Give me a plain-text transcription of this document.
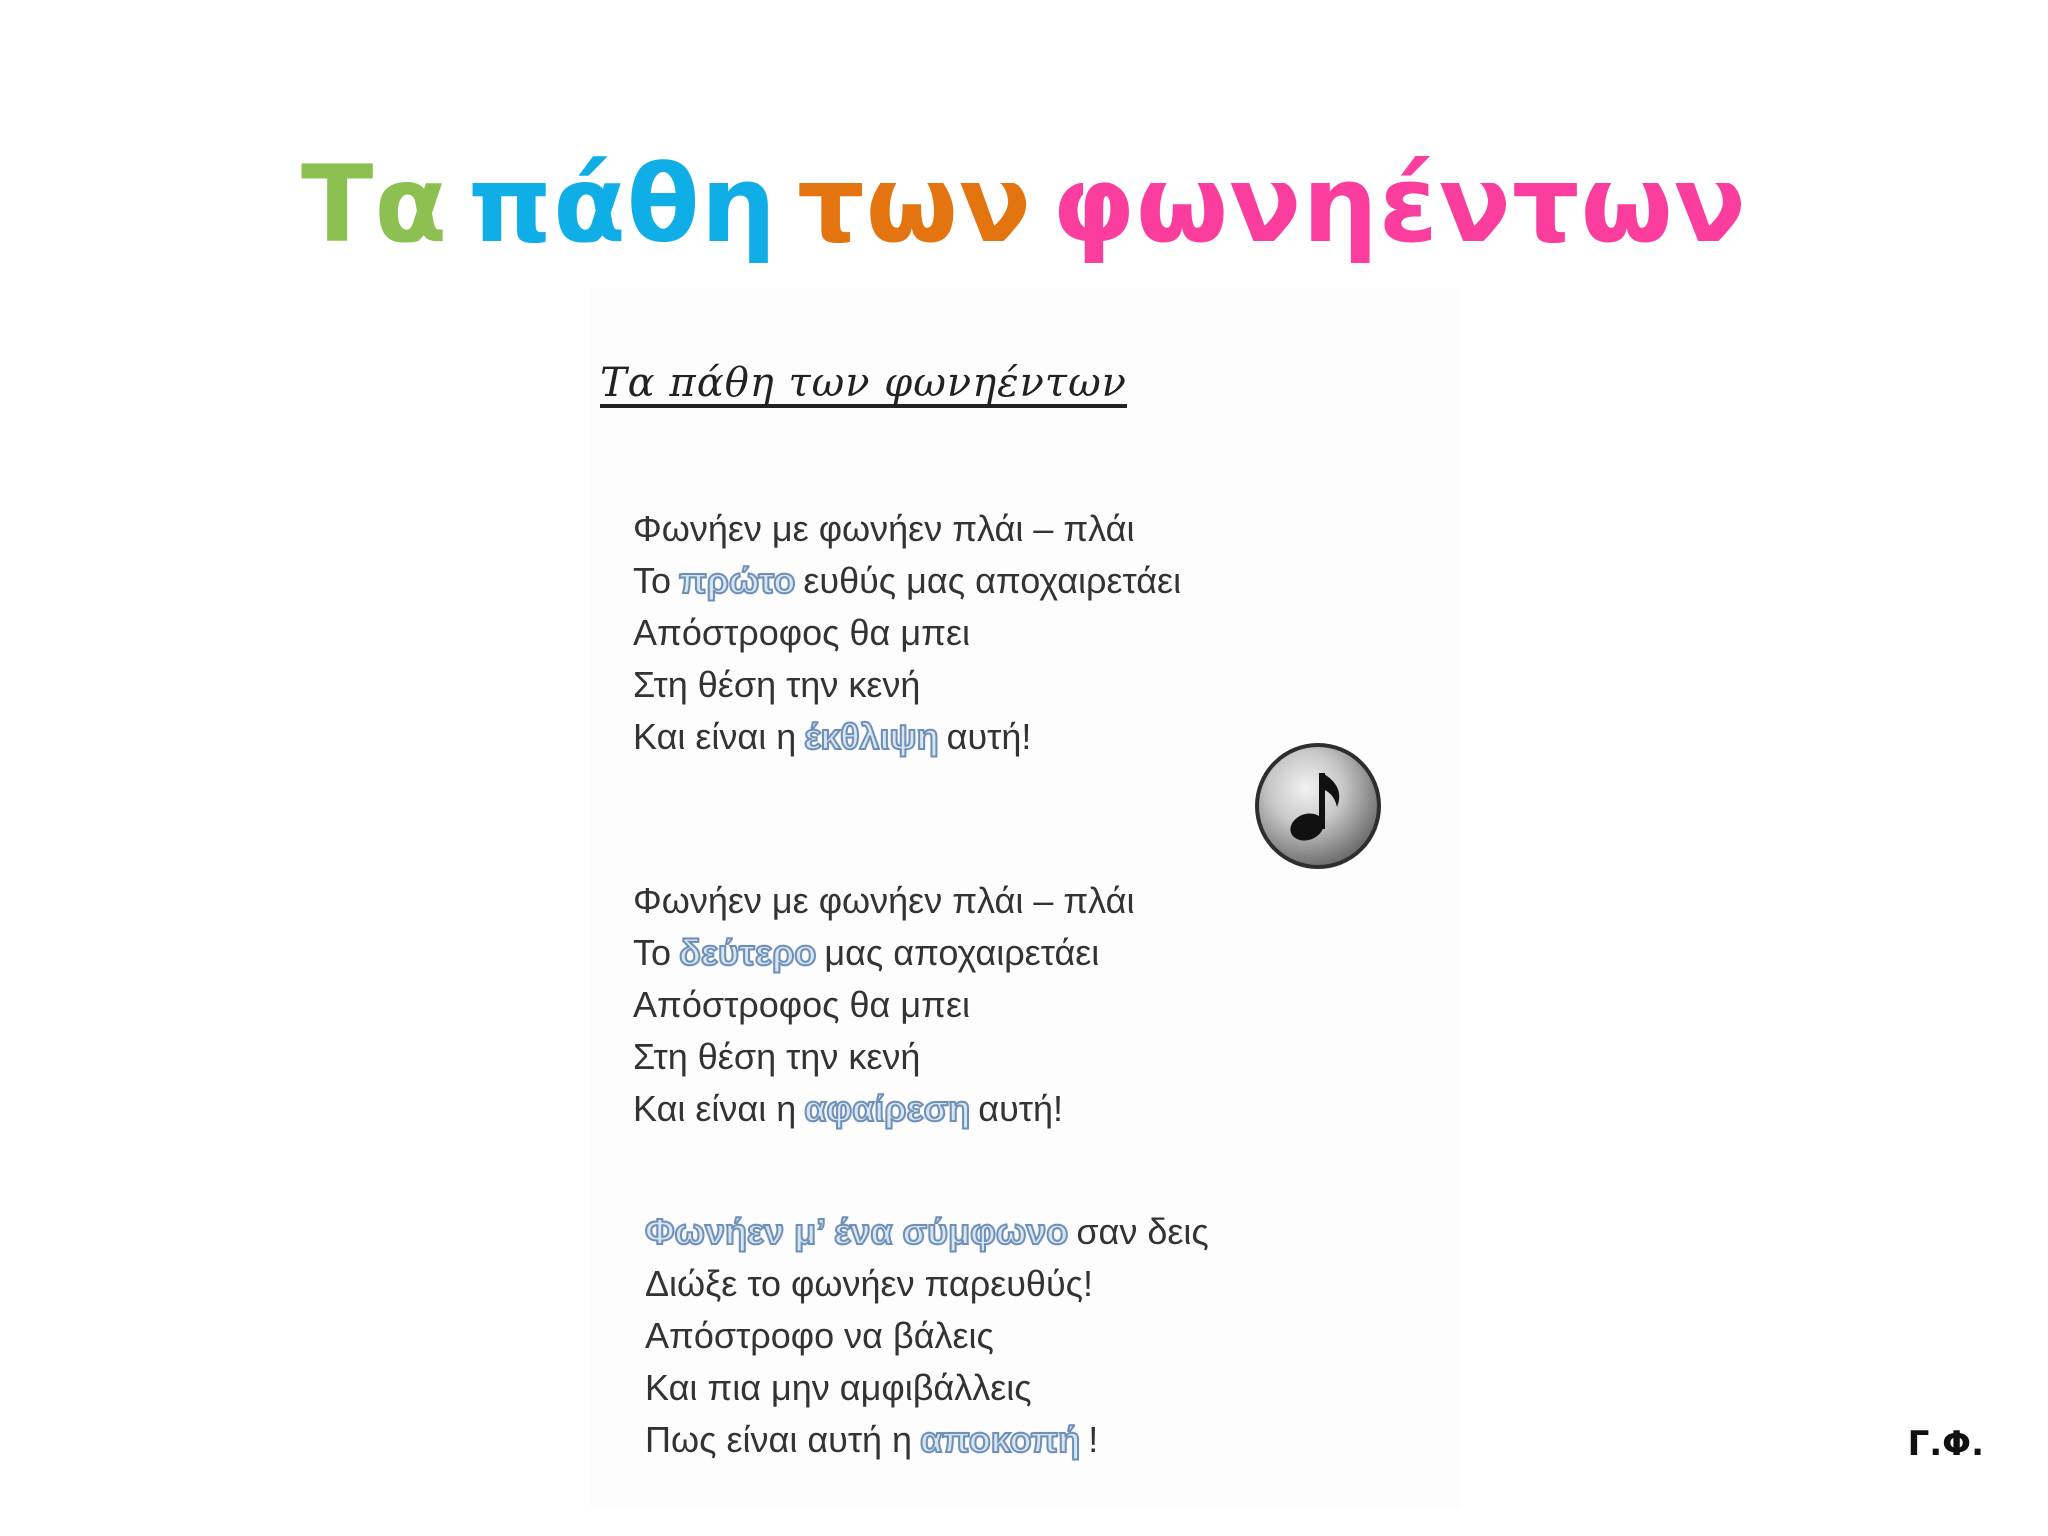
Τα πάθη των φωνηέντων
Τα πάθη των φωνηέντων
Φωνήεν με φωνήεν πλάι – πλάι
Το πρώτο ευθύς μας αποχαιρετάει
Απόστροφος θα μπει
Στη θέση την κενή
Και είναι η έκθλιψη αυτή!
Φωνήεν με φωνήεν πλάι – πλάι
Το δεύτερο μας αποχαιρετάει
Απόστροφος θα μπει
Στη θέση την κενή
Και είναι η αφαίρεση αυτή!
Φωνήεν μ’ ένα σύμφωνο σαν δεις
Διώξε το φωνήεν παρευθύς!
Απόστροφο να βάλεις
Και πια μην αμφιβάλλεις
Πως είναι αυτή η αποκοπή !	Γ.Φ.
